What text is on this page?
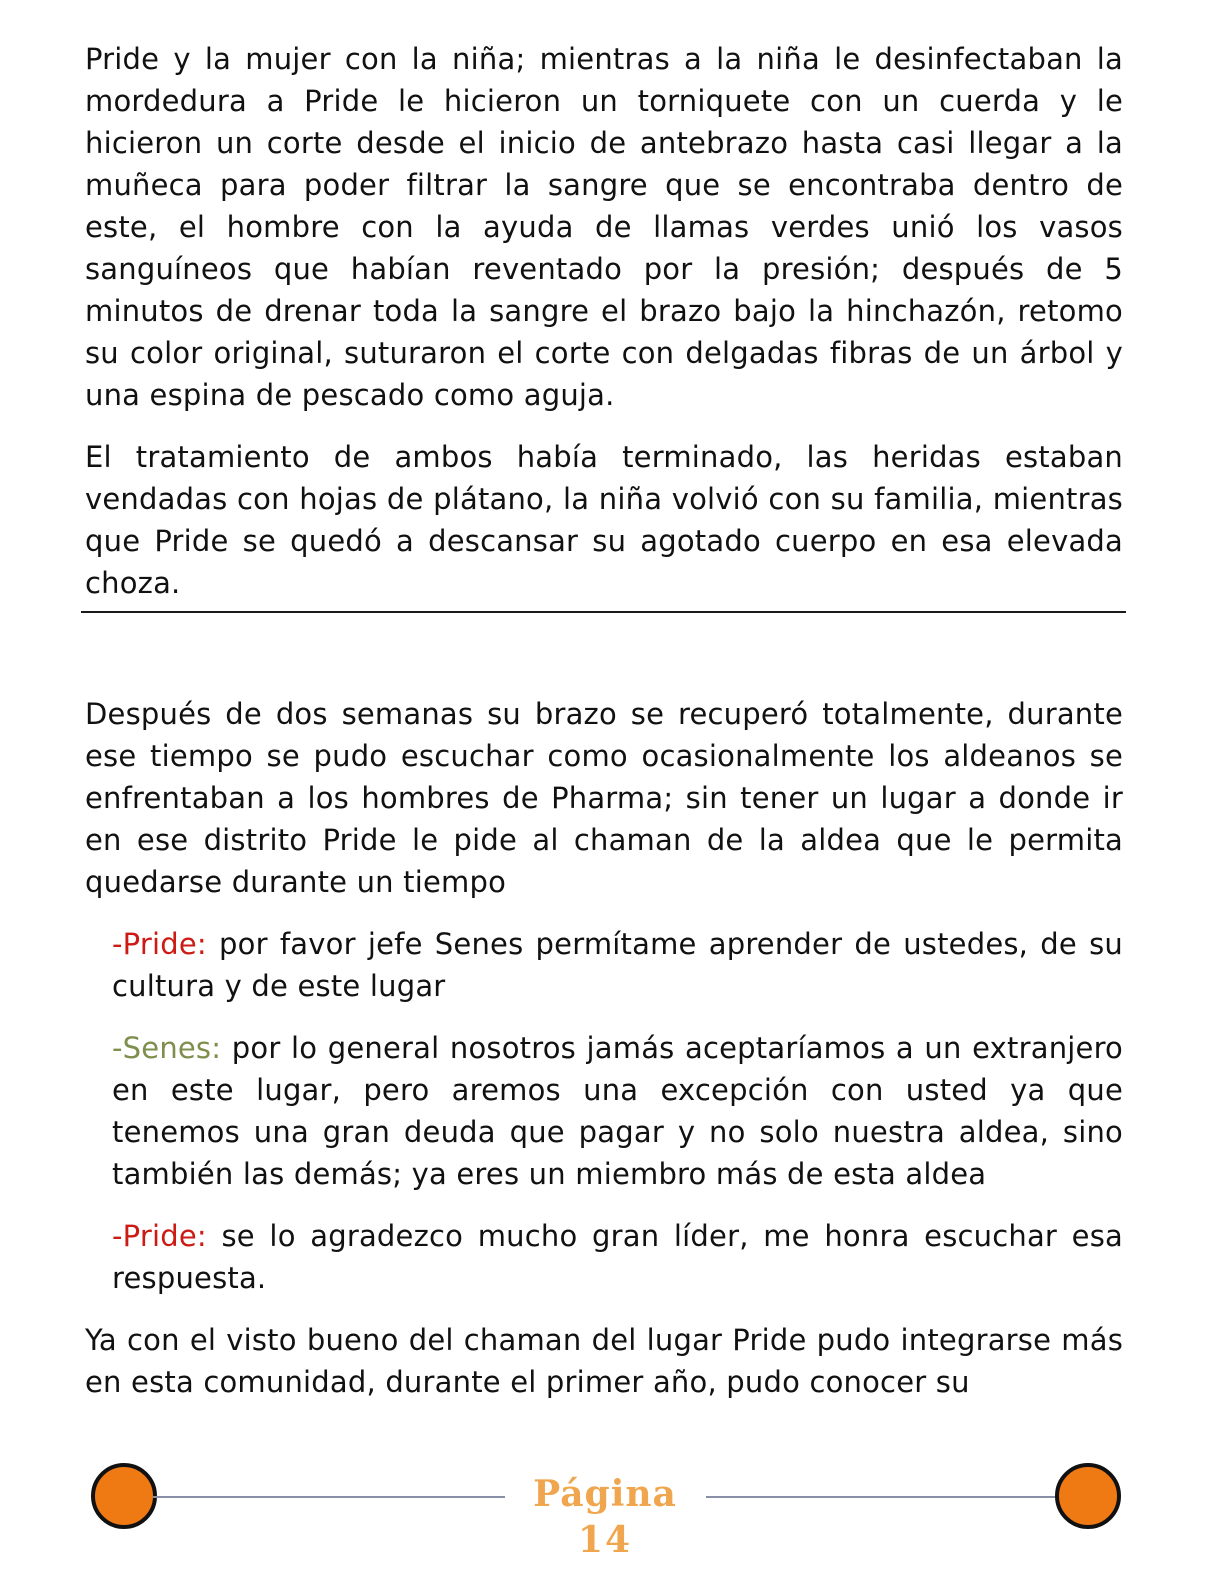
Pride y la mujer con la niña; mientras a la niña le desinfectaban la mordedura a Pride le hicieron un torniquete con un cuerda y le hicieron un corte desde el inicio de antebrazo hasta casi llegar a la muñeca para poder filtrar la sangre que se encontraba dentro de este, el hombre con la ayuda de llamas verdes unió los vasos sanguíneos que habían reventado por la presión; después de 5 minutos de drenar toda la sangre el brazo bajo la hinchazón, retomo su color original, suturaron el corte con delgadas fibras de un árbol y una espina de pescado como aguja.

El tratamiento de ambos había terminado, las heridas estaban vendadas con hojas de plátano, la niña volvió con su familia, mientras que Pride se quedó a descansar su agotado cuerpo en esa elevada choza.

Después de dos semanas su brazo se recuperó totalmente, durante ese tiempo se pudo escuchar como ocasionalmente los aldeanos se enfrentaban a los hombres de Pharma; sin tener un lugar a donde ir en ese distrito Pride le pide al chaman de la aldea que le permita quedarse durante un tiempo

-Pride: por favor jefe Senes permítame aprender de ustedes, de su cultura y de este lugar

-Senes: por lo general nosotros jamás aceptaríamos a un extranjero en este lugar, pero aremos una excepción con usted ya que tenemos una gran deuda que pagar y no solo nuestra aldea, sino también las demás; ya eres un miembro más de esta aldea

-Pride: se lo agradezco mucho gran líder, me honra escuchar esa respuesta.

Ya con el visto bueno del chaman del lugar Pride pudo integrarse más en esta comunidad, durante el primer año, pudo conocer su

Página
14
